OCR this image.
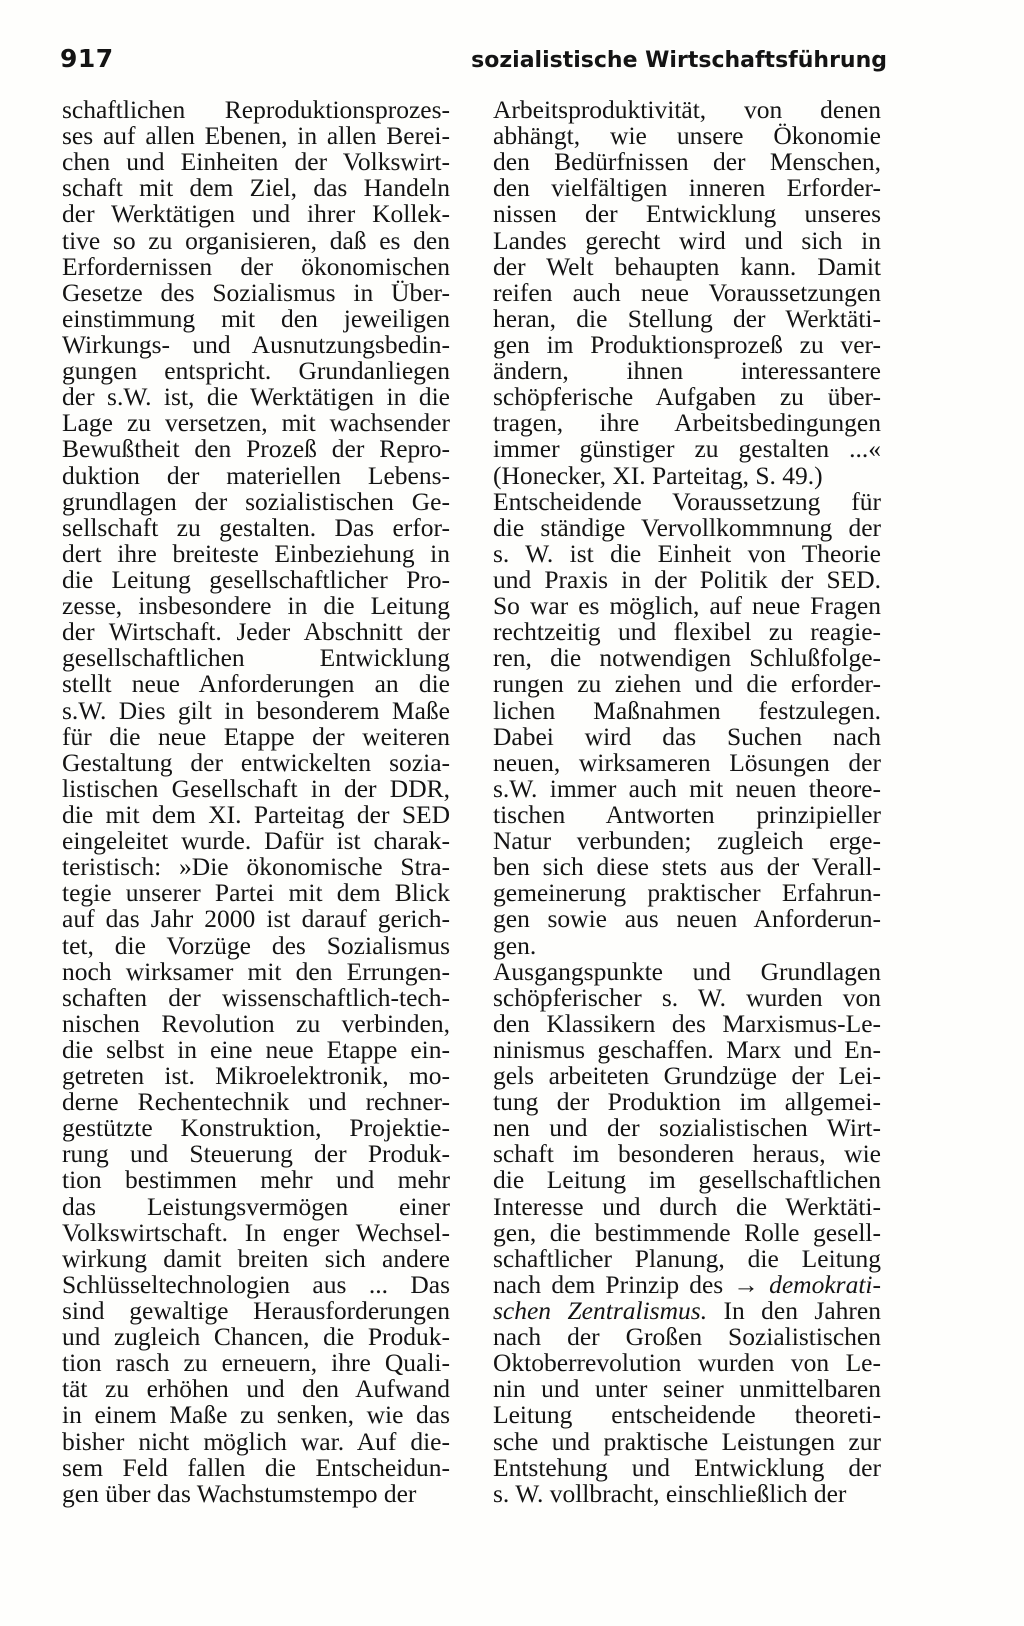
917	sozialistische Wirtschaftsführung
schaftlichen Reproduktionsprozes-
ses auf allen Ebenen, in allen Berei-
chen und Einheiten der Volkswirt-
schaft mit dem Ziel, das Handeln
der Werktätigen und ihrer Kollek-
tive so zu organisieren, daß es den
Erfordernissen der ökonomischen
Gesetze des Sozialismus in Über-
einstimmung mit den jeweiligen
Wirkungs- und Ausnutzungsbedin-
gungen entspricht. Grundanliegen
der s.W. ist, die Werktätigen in die
Lage zu versetzen, mit wachsender
Bewußtheit den Prozeß der Repro-
duktion der materiellen Lebens-
grundlagen der sozialistischen Ge-
sellschaft zu gestalten. Das erfor-
dert ihre breiteste Einbeziehung in
die Leitung gesellschaftlicher Pro-
zesse, insbesondere in die Leitung
der Wirtschaft. Jeder Abschnitt der
gesellschaftlichen Entwicklung
stellt neue Anforderungen an die
s.W. Dies gilt in besonderem Maße
für die neue Etappe der weiteren
Gestaltung der entwickelten sozia-
listischen Gesellschaft in der DDR,
die mit dem XI. Parteitag der SED
eingeleitet wurde. Dafür ist charak-
teristisch: »Die ökonomische Stra-
tegie unserer Partei mit dem Blick
auf das Jahr 2000 ist darauf gerich-
tet, die Vorzüge des Sozialismus
noch wirksamer mit den Errungen-
schaften der wissenschaftlich-tech-
nischen Revolution zu verbinden,
die selbst in eine neue Etappe ein-
getreten ist. Mikroelektronik, mo-
derne Rechentechnik und rechner-
gestützte Konstruktion, Projektie-
rung und Steuerung der Produk-
tion bestimmen mehr und mehr
das Leistungsvermögen einer
Volkswirtschaft. In enger Wechsel-
wirkung damit breiten sich andere
Schlüsseltechnologien aus ... Das
sind gewaltige Herausforderungen
und zugleich Chancen, die Produk-
tion rasch zu erneuern, ihre Quali-
tät zu erhöhen und den Aufwand
in einem Maße zu senken, wie das
bisher nicht möglich war. Auf die-
sem Feld fallen die Entscheidun-
gen über das Wachstumstempo der
Arbeitsproduktivität, von denen
abhängt, wie unsere Ökonomie
den Bedürfnissen der Menschen,
den vielfältigen inneren Erforder-
nissen der Entwicklung unseres
Landes gerecht wird und sich in
der Welt behaupten kann. Damit
reifen auch neue Voraussetzungen
heran, die Stellung der Werktäti-
gen im Produktionsprozeß zu ver-
ändern, ihnen interessantere
schöpferische Aufgaben zu über-
tragen, ihre Arbeitsbedingungen
immer günstiger zu gestalten ...«
(Honecker, XI. Parteitag, S. 49.)
Entscheidende Voraussetzung für
die ständige Vervollkommnung der
s. W. ist die Einheit von Theorie
und Praxis in der Politik der SED.
So war es möglich, auf neue Fragen
rechtzeitig und flexibel zu reagie-
ren, die notwendigen Schlußfolge-
rungen zu ziehen und die erforder-
lichen Maßnahmen festzulegen.
Dabei wird das Suchen nach
neuen, wirksameren Lösungen der
s.W. immer auch mit neuen theore-
tischen Antworten prinzipieller
Natur verbunden; zugleich erge-
ben sich diese stets aus der Verall-
gemeinerung praktischer Erfahrun-
gen sowie aus neuen Anforderun-
gen.
Ausgangspunkte und Grundlagen
schöpferischer s. W. wurden von
den Klassikern des Marxismus-Le-
ninismus geschaffen. Marx und En-
gels arbeiteten Grundzüge der Lei-
tung der Produktion im allgemei-
nen und der sozialistischen Wirt-
schaft im besonderen heraus, wie
die Leitung im gesellschaftlichen
Interesse und durch die Werktäti-
gen, die bestimmende Rolle gesell-
schaftlicher Planung, die Leitung
nach dem Prinzip des → demokrati-
schen Zentralismus. In den Jahren
nach der Großen Sozialistischen
Oktoberrevolution wurden von Le-
nin und unter seiner unmittelbaren
Leitung entscheidende theoreti-
sche und praktische Leistungen zur
Entstehung und Entwicklung der
s. W. vollbracht, einschließlich der
